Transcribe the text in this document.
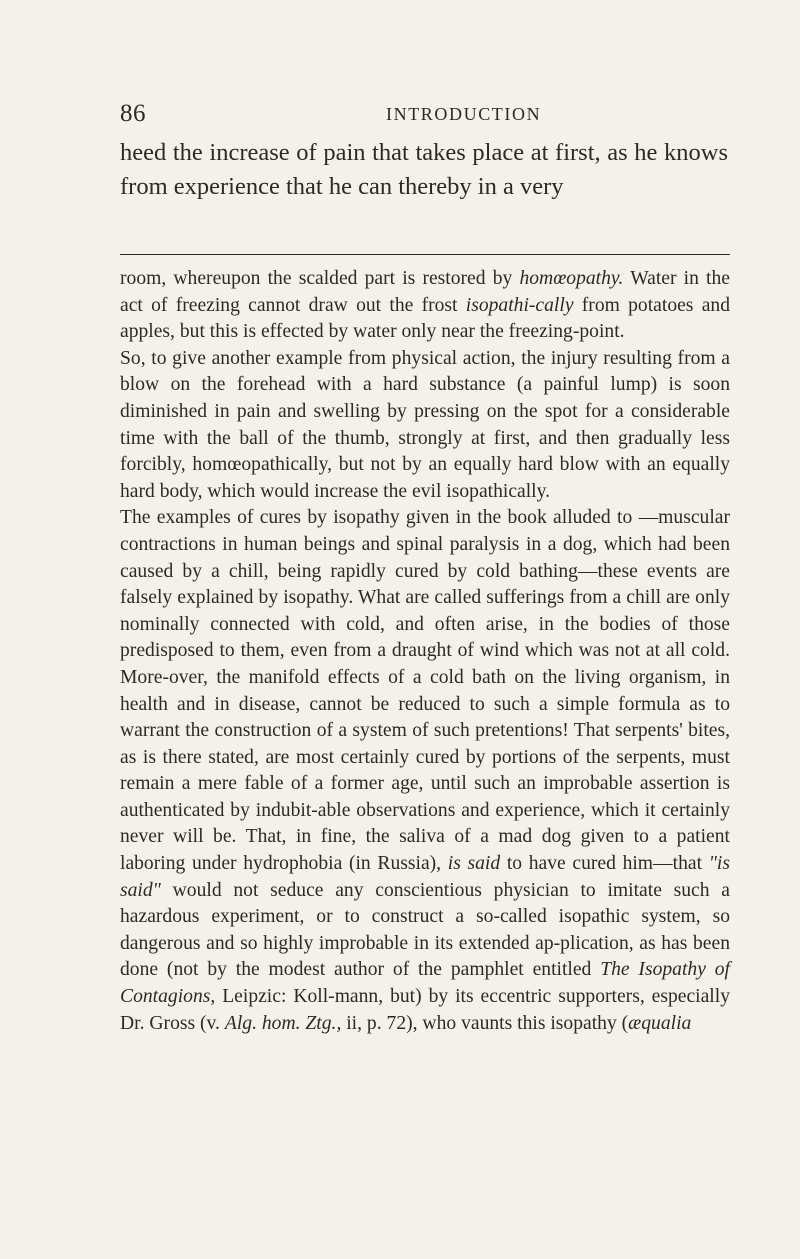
86	INTRODUCTION

heed the increase of pain that takes place at first, as he knows from experience that he can thereby in a very

room, whereupon the scalded part is restored by homœopathy. Water in the act of freezing cannot draw out the frost isopathi-cally from potatoes and apples, but this is effected by water only near the freezing-point.

So, to give another example from physical action, the injury resulting from a blow on the forehead with a hard substance (a painful lump) is soon diminished in pain and swelling by pressing on the spot for a considerable time with the ball of the thumb, strongly at first, and then gradually less forcibly, homœopathically, but not by an equally hard blow with an equally hard body, which would increase the evil isopathically.

The examples of cures by isopathy given in the book alluded to —muscular contractions in human beings and spinal paralysis in a dog, which had been caused by a chill, being rapidly cured by cold bathing—these events are falsely explained by isopathy. What are called sufferings from a chill are only nominally connected with cold, and often arise, in the bodies of those predisposed to them, even from a draught of wind which was not at all cold. More-over, the manifold effects of a cold bath on the living organism, in health and in disease, cannot be reduced to such a simple formula as to warrant the construction of a system of such pretentions! That serpents' bites, as is there stated, are most certainly cured by portions of the serpents, must remain a mere fable of a former age, until such an improbable assertion is authenticated by indubit-able observations and experience, which it certainly never will be. That, in fine, the saliva of a mad dog given to a patient laboring under hydrophobia (in Russia), is said to have cured him—that "is said" would not seduce any conscientious physician to imitate such a hazardous experiment, or to construct a so-called isopathic system, so dangerous and so highly improbable in its extended ap-plication, as has been done (not by the modest author of the pamphlet entitled The Isopathy of Contagions, Leipzic: Koll-mann, but) by its eccentric supporters, especially Dr. Gross (v. Alg. hom. Ztg., ii, p. 72), who vaunts this isopathy (æqualia
